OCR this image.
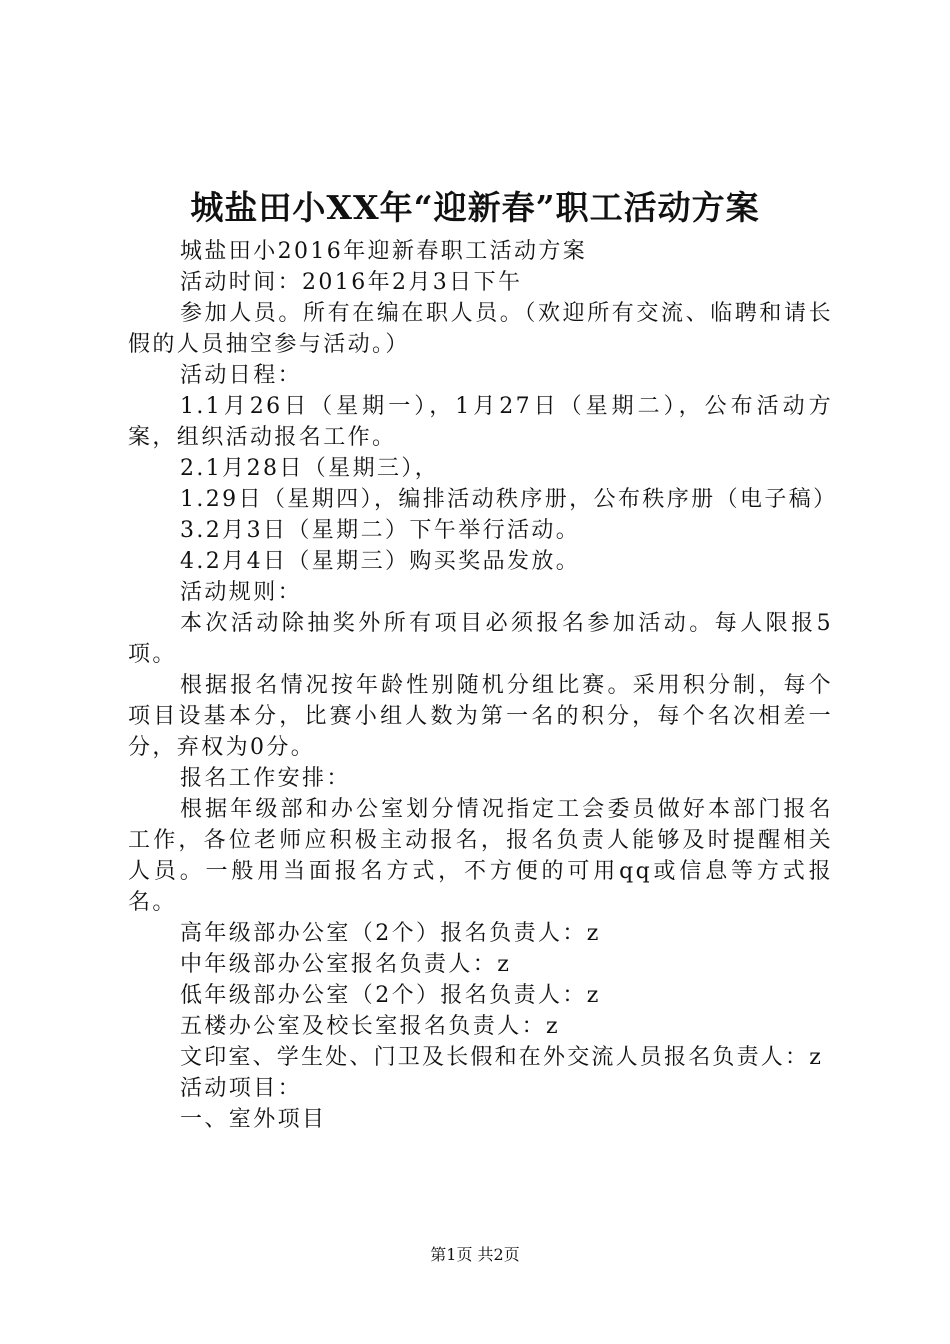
城盐田小XX年“迎新春”职工活动方案

城盐田小2016年迎新春职工活动方案

活动时间：2016年2月3日下午

参加人员。所有在编在职人员。（欢迎所有交流、临聘和请长假的人员抽空参与活动。）

活动日程：

1.1月26日（星期一），1月27日（星期二），公布活动方案，组织活动报名工作。

2.1月28日（星期三），

1.29日（星期四），编排活动秩序册，公布秩序册（电子稿）

3.2月3日（星期二）下午举行活动。

4.2月4日（星期三）购买奖品发放。

活动规则：

本次活动除抽奖外所有项目必须报名参加活动。每人限报5项。

根据报名情况按年龄性别随机分组比赛。采用积分制，每个项目设基本分，比赛小组人数为第一名的积分，每个名次相差一分，弃权为0分。

报名工作安排：

根据年级部和办公室划分情况指定工会委员做好本部门报名工作，各位老师应积极主动报名，报名负责人能够及时提醒相关人员。一般用当面报名方式，不方便的可用qq或信息等方式报名。

高年级部办公室（2个）报名负责人：z

中年级部办公室报名负责人：z

低年级部办公室（2个）报名负责人：z

五楼办公室及校长室报名负责人：z

文印室、学生处、门卫及长假和在外交流人员报名负责人：z

活动项目：

一、室外项目

第1页 共2页
